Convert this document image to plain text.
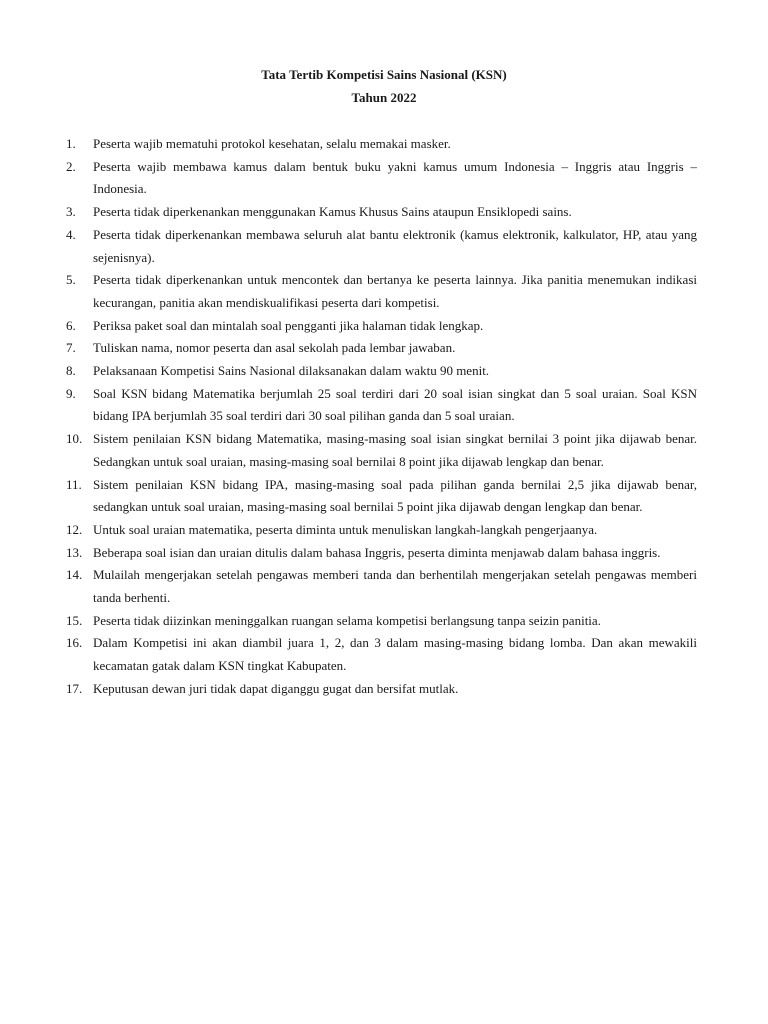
Tata Tertib Kompetisi Sains Nasional (KSN)
Tahun 2022
1. Peserta wajib mematuhi protokol kesehatan, selalu memakai masker.
2. Peserta wajib membawa kamus dalam bentuk buku yakni kamus umum Indonesia – Inggris atau Inggris – Indonesia.
3. Peserta tidak diperkenankan menggunakan Kamus Khusus Sains ataupun Ensiklopedi sains.
4. Peserta tidak diperkenankan membawa seluruh alat bantu elektronik (kamus elektronik, kalkulator, HP, atau yang sejenisnya).
5. Peserta tidak diperkenankan untuk mencontek dan bertanya ke peserta lainnya. Jika panitia menemukan indikasi kecurangan, panitia akan mendiskualifikasi peserta dari kompetisi.
6. Periksa paket soal dan mintalah soal pengganti jika halaman tidak lengkap.
7. Tuliskan nama, nomor peserta dan asal sekolah pada lembar jawaban.
8. Pelaksanaan Kompetisi Sains Nasional dilaksanakan dalam waktu 90 menit.
9. Soal KSN bidang Matematika berjumlah 25 soal terdiri dari 20 soal isian singkat dan 5 soal uraian. Soal KSN bidang IPA berjumlah 35 soal terdiri dari 30 soal pilihan ganda dan 5 soal uraian.
10. Sistem penilaian KSN bidang Matematika, masing-masing soal isian singkat bernilai 3 point jika dijawab benar. Sedangkan untuk soal uraian, masing-masing soal bernilai 8 point jika dijawab lengkap dan benar.
11. Sistem penilaian KSN bidang IPA, masing-masing soal pada pilihan ganda bernilai 2,5 jika dijawab benar, sedangkan untuk soal uraian, masing-masing soal bernilai 5 point jika dijawab dengan lengkap dan benar.
12. Untuk soal uraian matematika, peserta diminta untuk menuliskan langkah-langkah pengerjaanya.
13. Beberapa soal isian dan uraian ditulis dalam bahasa Inggris, peserta diminta menjawab dalam bahasa inggris.
14. Mulailah mengerjakan setelah pengawas memberi tanda dan berhentilah mengerjakan setelah pengawas memberi tanda berhenti.
15. Peserta tidak diizinkan meninggalkan ruangan selama kompetisi berlangsung tanpa seizin panitia.
16. Dalam Kompetisi ini akan diambil juara 1, 2, dan 3 dalam masing-masing bidang lomba. Dan akan mewakili kecamatan gatak dalam KSN tingkat Kabupaten.
17. Keputusan dewan juri tidak dapat diganggu gugat dan bersifat mutlak.
